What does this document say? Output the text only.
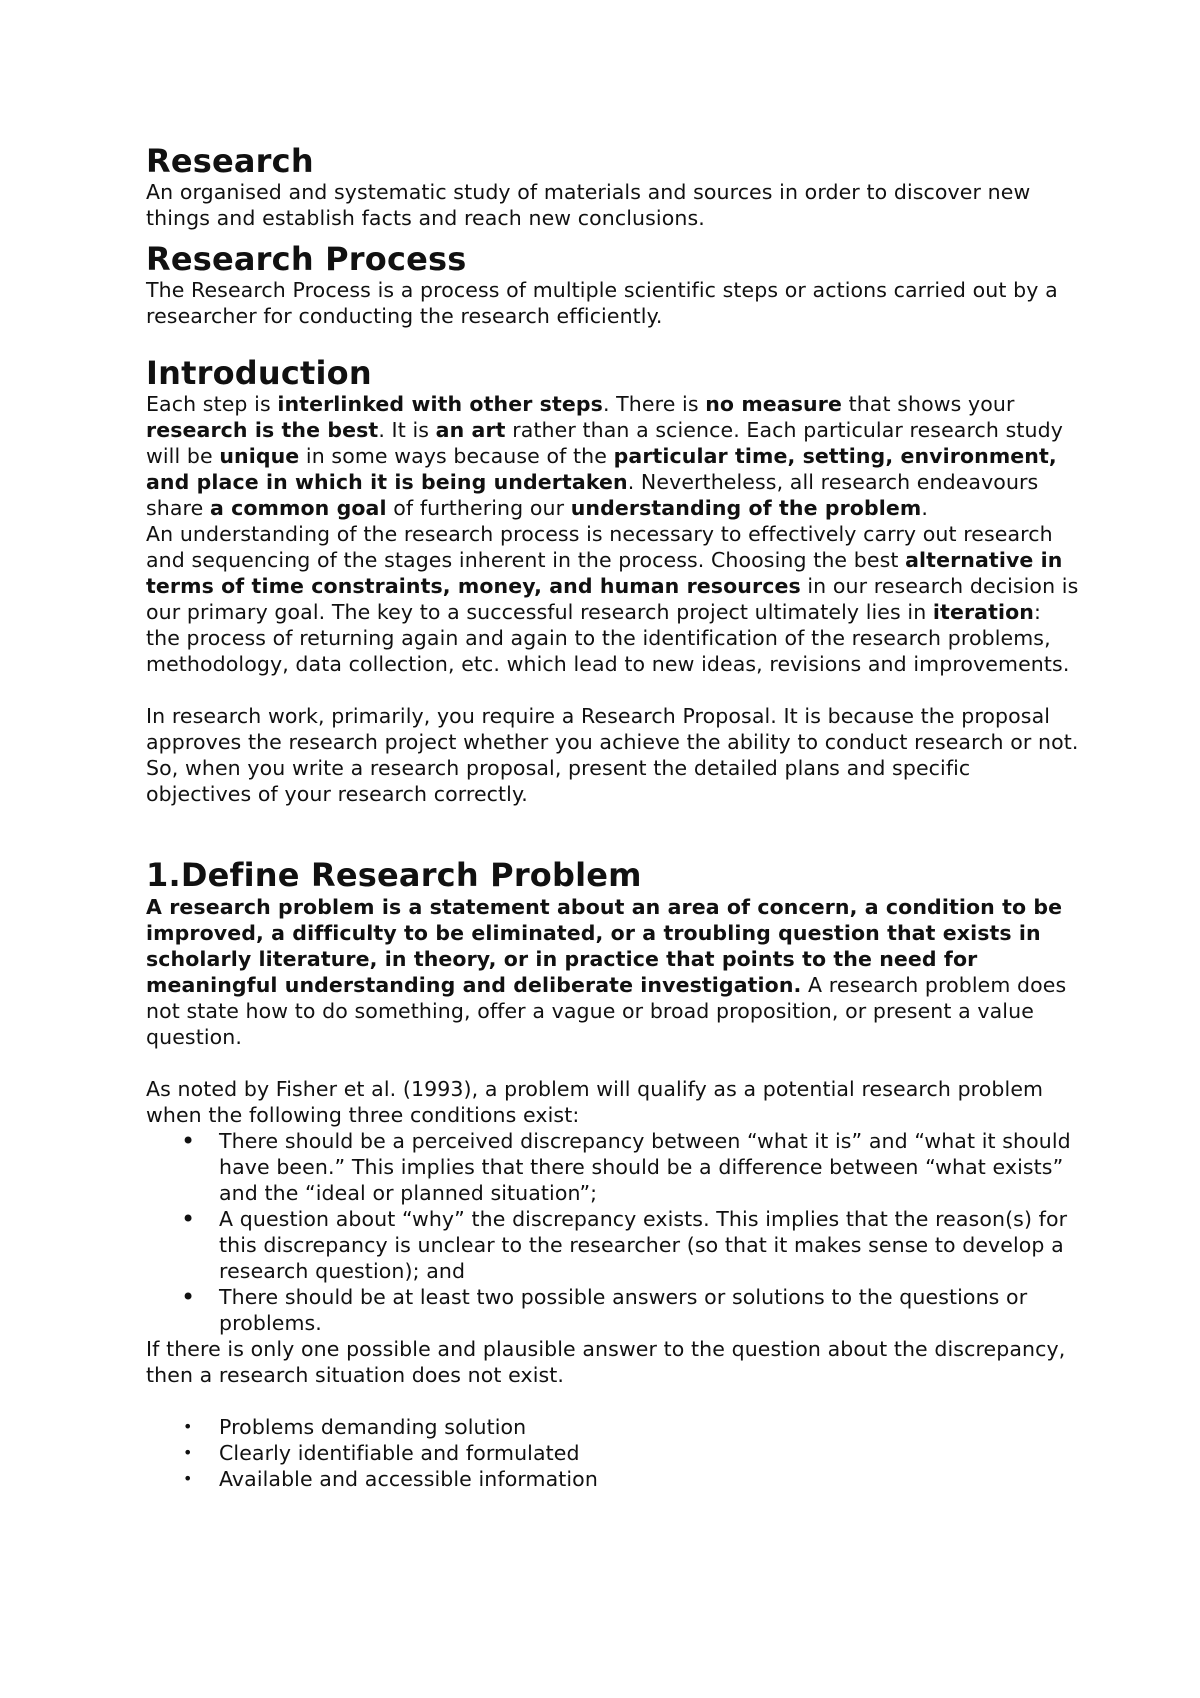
Research

An organised and systematic study of materials and sources in order to discover new things and establish facts and reach new conclusions.

Research Process

The Research Process is a process of multiple scientific steps or actions carried out by a researcher for conducting the research efficiently.

Introduction

Each step is interlinked with other steps. There is no measure that shows your research is the best. It is an art rather than a science. Each particular research study will be unique in some ways because of the particular time, setting, environment, and place in which it is being undertaken. Nevertheless, all research endeavours share a common goal of furthering our understanding of the problem.

An understanding of the research process is necessary to effectively carry out research and sequencing of the stages inherent in the process. Choosing the best alternative in terms of time constraints, money, and human resources in our research decision is our primary goal. The key to a successful research project ultimately lies in iteration: the process of returning again and again to the identification of the research problems, methodology, data collection, etc. which lead to new ideas, revisions and improvements.

In research work, primarily, you require a Research Proposal. It is because the proposal approves the research project whether you achieve the ability to conduct research or not. So, when you write a research proposal, present the detailed plans and specific objectives of your research correctly.

1.Define Research Problem

A research problem is a statement about an area of concern, a condition to be improved, a difficulty to be eliminated, or a troubling question that exists in scholarly literature, in theory, or in practice that points to the need for meaningful understanding and deliberate investigation. A research problem does not state how to do something, offer a vague or broad proposition, or present a value question.

As noted by Fisher et al. (1993), a problem will qualify as a potential research problem when the following three conditions exist:

• There should be a perceived discrepancy between “what it is” and “what it should have been.” This implies that there should be a difference between “what exists” and the “ideal or planned situation”;
• A question about “why” the discrepancy exists. This implies that the reason(s) for this discrepancy is unclear to the researcher (so that it makes sense to develop a research question); and
• There should be at least two possible answers or solutions to the questions or problems.

If there is only one possible and plausible answer to the question about the discrepancy, then a research situation does not exist.

• Problems demanding solution
• Clearly identifiable and formulated
• Available and accessible information
